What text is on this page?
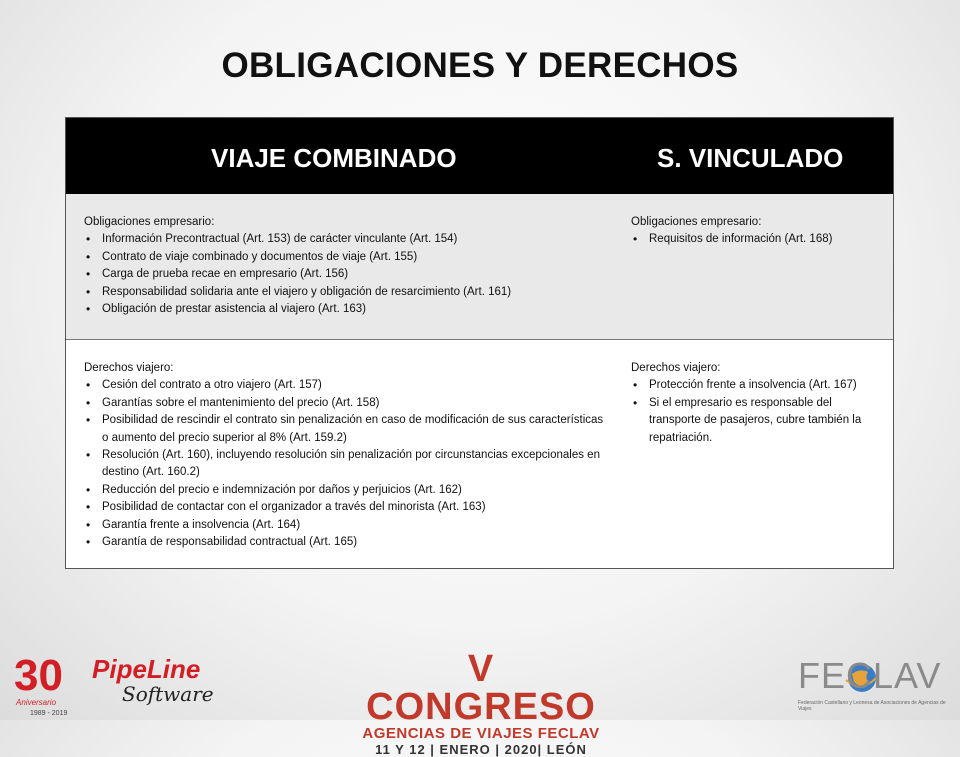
OBLIGACIONES Y DERECHOS
VIAJE COMBINADO	S. VINCULADO
Obligaciones empresario:
• Información Precontractual (Art. 153) de carácter vinculante (Art. 154)
• Contrato de viaje combinado y documentos de viaje (Art. 155)
• Carga de prueba recae en empresario (Art. 156)
• Responsabilidad solidaria ante el viajero y obligación de resarcimiento (Art. 161)
• Obligación de prestar asistencia al viajero (Art. 163)
Obligaciones empresario:
• Requisitos de información (Art. 168)
Derechos viajero:
• Cesión del contrato a otro viajero (Art. 157)
• Garantías sobre el mantenimiento del precio (Art. 158)
• Posibilidad de rescindir el contrato sin penalización en caso de modificación de sus características o aumento del precio superior al 8% (Art. 159.2)
• Resolución (Art. 160), incluyendo resolución sin penalización por circunstancias excepcionales en destino (Art. 160.2)
• Reducción del precio e indemnización por daños y perjuicios (Art. 162)
• Posibilidad de contactar con el organizador a través del minorista (Art. 163)
• Garantía frente a insolvencia (Art. 164)
• Garantía de responsabilidad contractual (Art. 165)
Derechos viajero:
• Protección frente a insolvencia (Art. 167)
• Si el empresario es responsable del transporte de pasajeros, cubre también la repatriación.
30 PipeLine
Software
Aniversario
1989 - 2019
V CONGRESO
AGENCIAS DE VIAJES FECLAV
11 Y 12 | ENERO | 2020| LEÓN
FECLAV
Federación Castellano y Leonesa de Asociaciones de Agencias de Viajes
